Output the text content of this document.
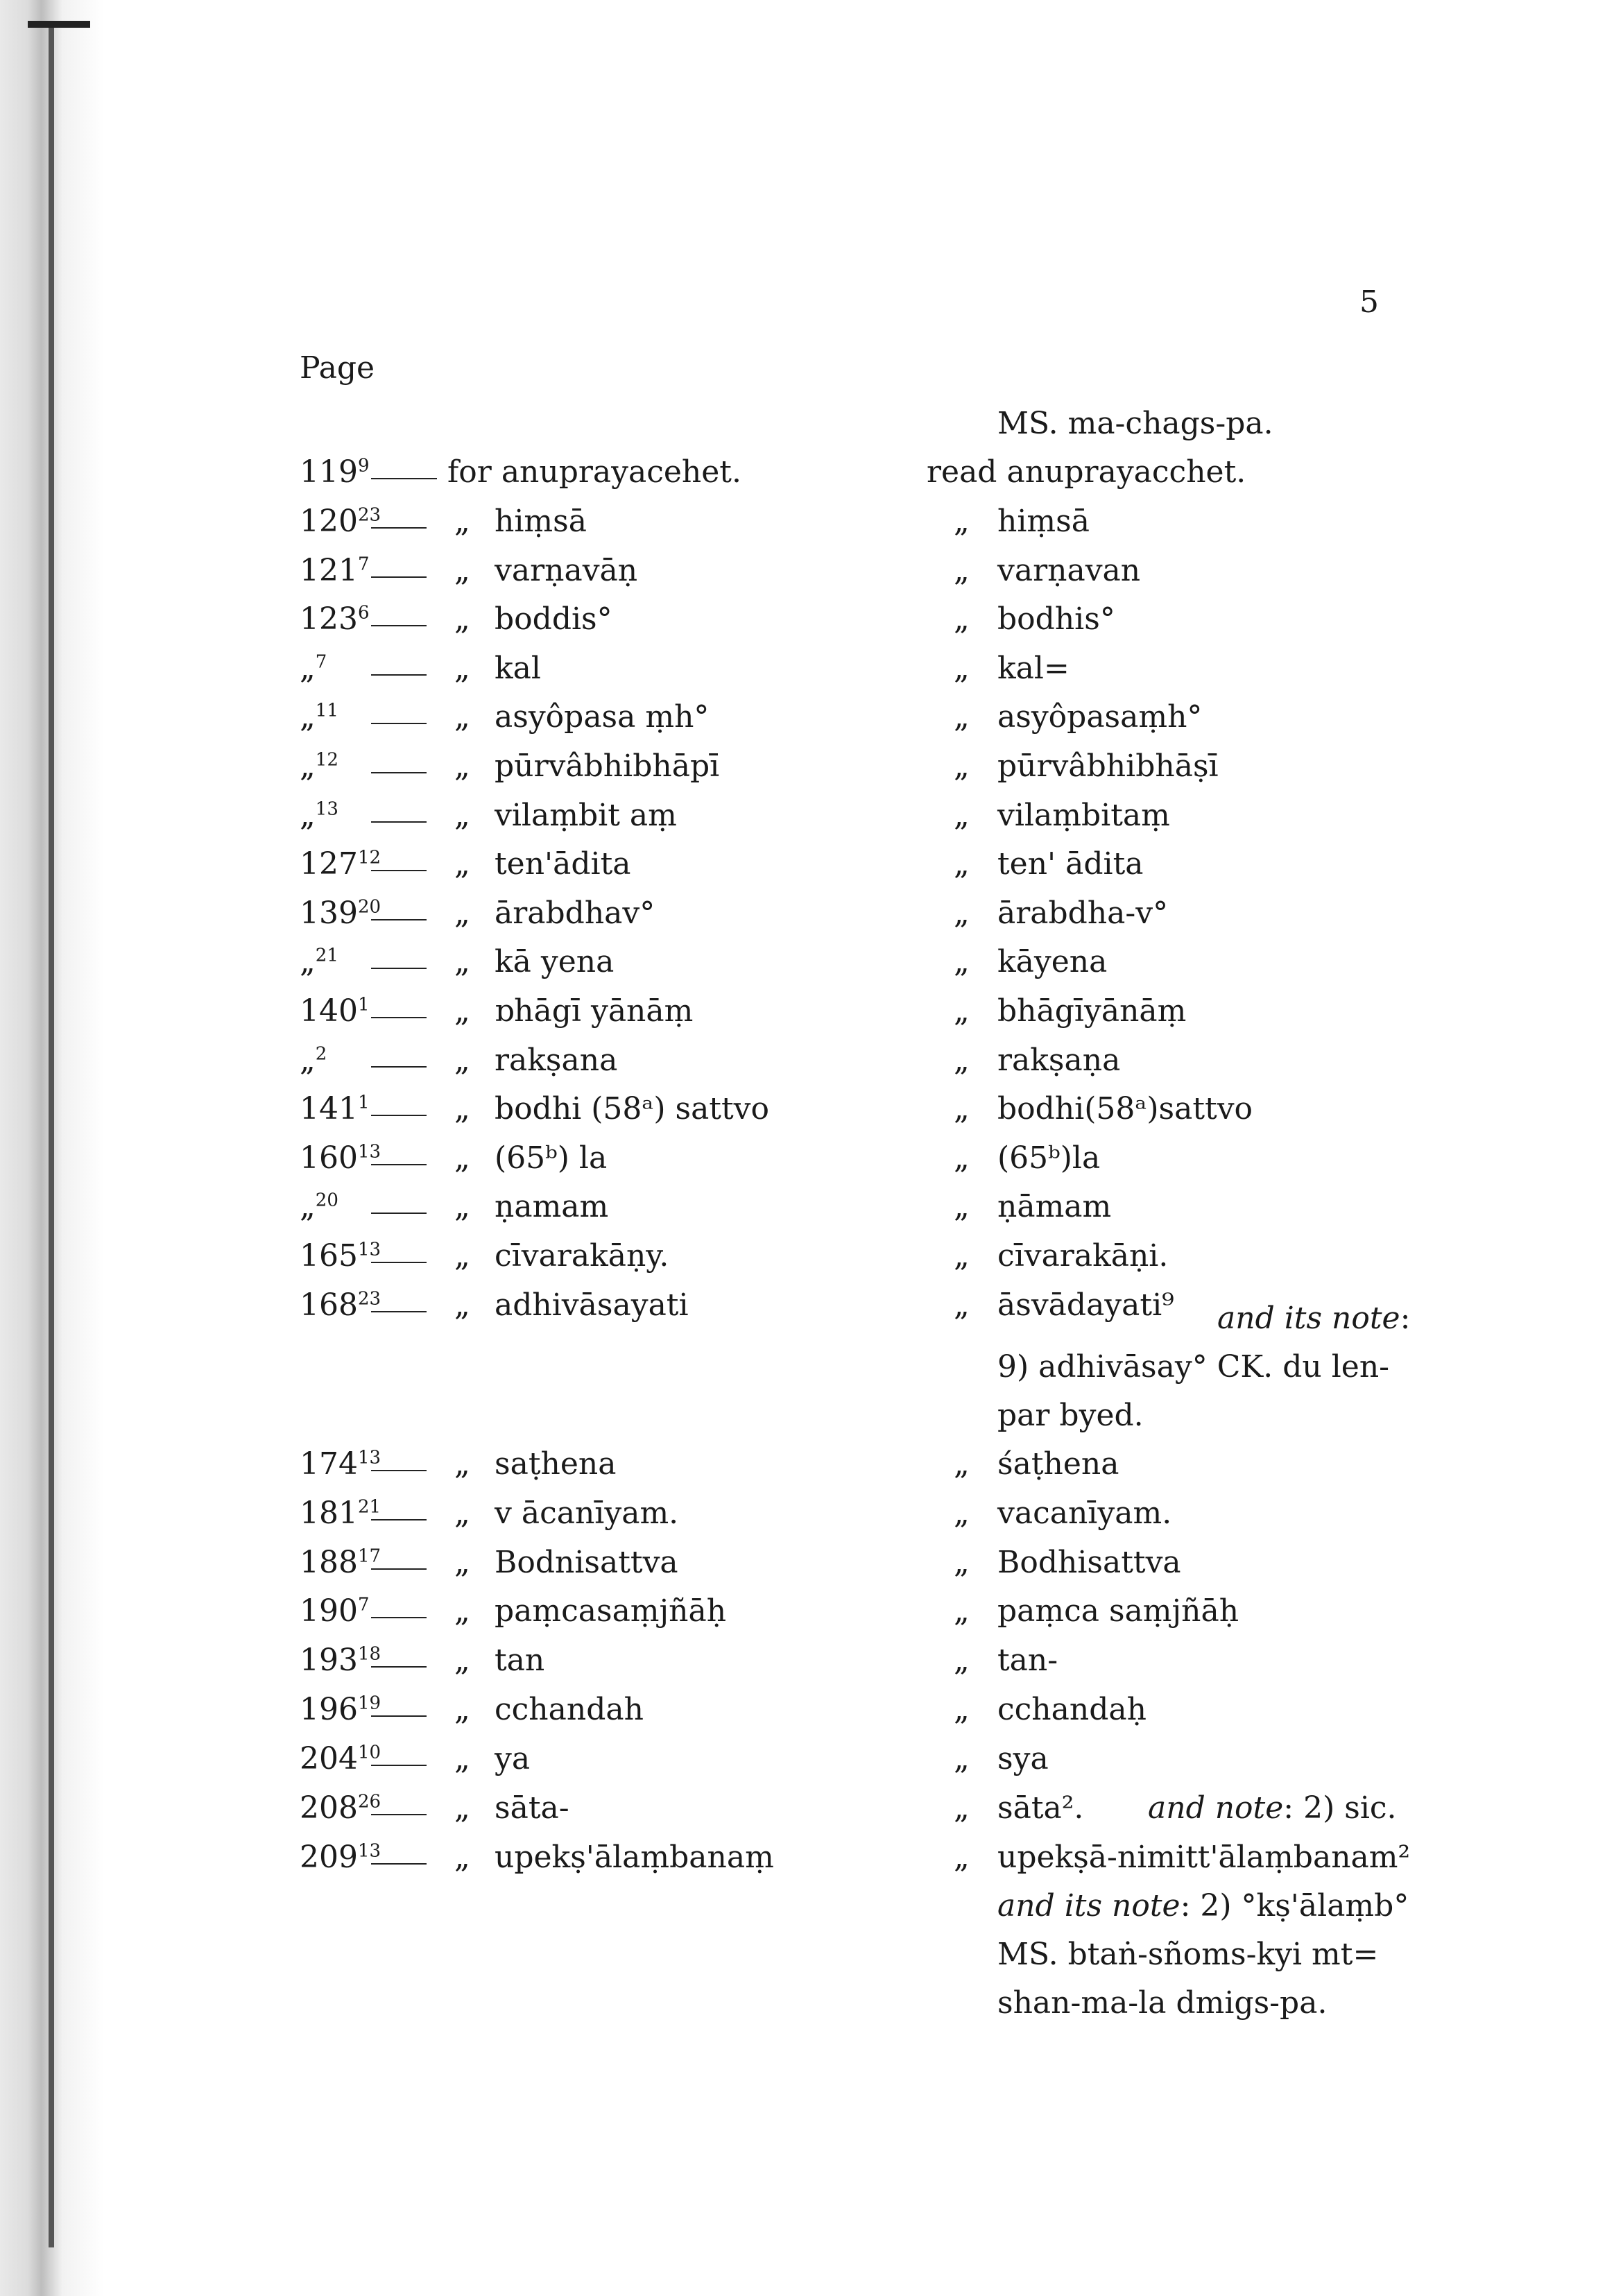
5
Page
MS. ma-chags-pa.
$119^9$	for anuprayacehet.	read anuprayacchet.
$120^{23}$ „ hiṃsā	„ hiṃsā
$121^7$	„ varṇavāṇ	„ varṇavan
$123^6$	„ boddis°	„ bodhis°
„$^7$	„ kal	„ kal=
„$^{11}$	„ asyôpasa ṃh°	„ asyôpasaṃh°
„$^{12}$	„ pūrvâbhibhāpī	„ pūrvâbhibhāṣī
„$^{13}$	„ vilaṃbit aṃ	„ vilaṃbitaṃ
$127^{12}$ „ ten'ādita	„ ten' ādita
$139^{20}$ „ ārabdhav°	„ ārabdha-v°
„$^{21}$	„ kā yena	„ kāyena
$140^1$	„ ɒhāgī yānāṃ	„ bhāgīyānāṃ
„$^2$	„ rakṣana	„ rakṣaṇa
$141^1$	„ bodhi (58ᵃ) sattvo	„ bodhi(58ᵃ)sattvo
$160^{13}$ „ (65ᵇ) la	„ (65ᵇ)la
„$^{20}$	„ ṇamam	„ ṇāmam
$165^{13}$ „ cīvarakāṇy.	„ cīvarakāṇi.
$168^{23}$ „ adhivāsayati	„ āsvādayati⁹ and its note:
9) adhivāsay° CK. du len-
par byed.
$174^{13}$ „ saṭhena	„ śaṭhena
$181^{21}$ „ v ācanīyam.	„ vacanīyam.
$188^{17}$ „ Bodnisattva	„ Bodhisattva
$190^7$	„ paṃcasaṃjñāḥ	„ paṃca saṃjñāḥ
$193^{18}$ „ tan	„ tan-
$196^{19}$ „ cchandah	„ cchandaḥ
$204^{10}$ „ ya	„ sya
$208^{26}$ „ sāta-	„ sāta². and note: 2) sic.
$209^{13}$ „ upekṣ'ālaṃbanaṃ	„ upekṣā-nimitt'ālaṃbanam²
and its note: 2) °kṣ'ālaṃb°
MS. btaṅ-sñoms-kyi mt=
shan-ma-la dmigs-pa.
